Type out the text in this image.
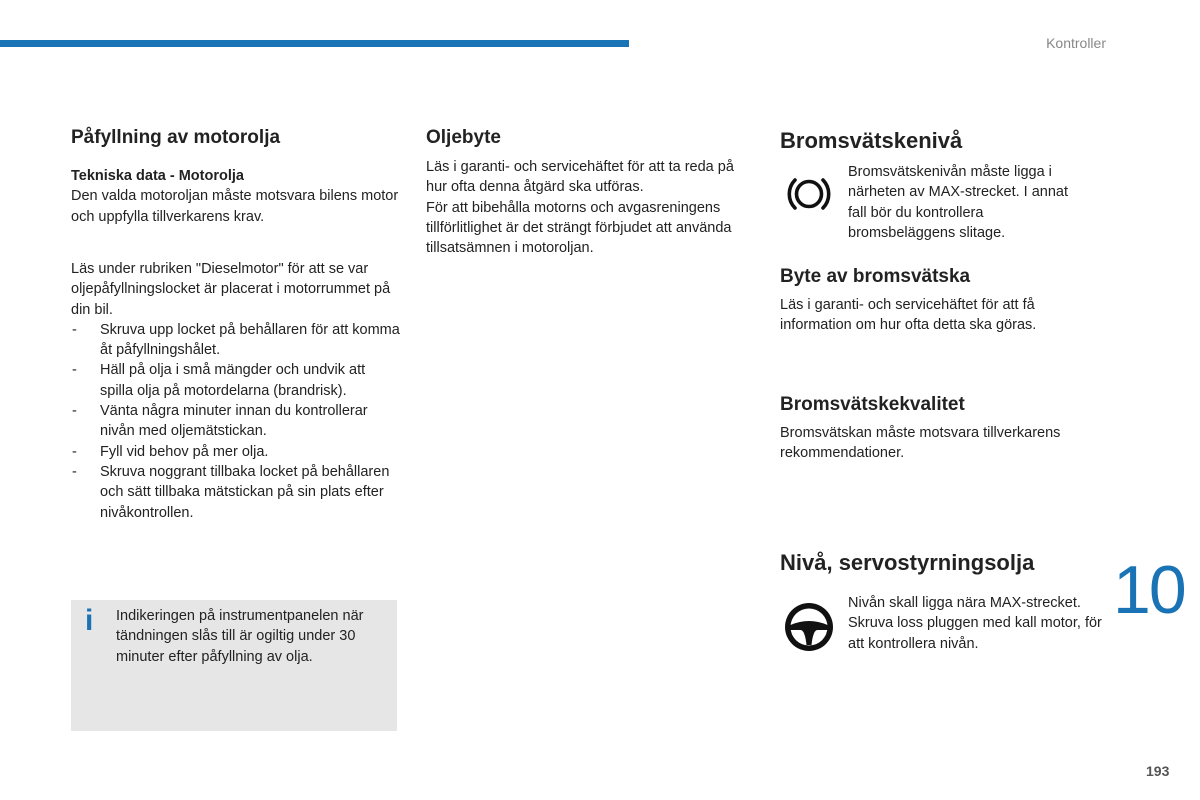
Kontroller
10
193
Påfyllning av motorolja

Tekniska data - Motorolja

Den valda motoroljan måste motsvara bilens motor och uppfylla tillverkarens krav.

Läs under rubriken "Dieselmotor" för att se var oljepåfyllningslocket är placerat i motorrummet på din bil.

- Skruva upp locket på behållaren för att komma åt påfyllningshålet.
- Häll på olja i små mängder och undvik att spilla olja på motordelarna (brandrisk).
- Vänta några minuter innan du kontrollerar nivån med oljemätstickan.
- Fyll vid behov på mer olja.
- Skruva noggrant tillbaka locket på behållaren och sätt tillbaka mätstickan på sin plats efter nivåkontrollen.
i Indikeringen på instrumentpanelen när tändningen slås till är ogiltig under 30 minuter efter påfyllning av olja.
Oljebyte

Läs i garanti- och servicehäftet för att ta reda på hur ofta denna åtgärd ska utföras.

För att bibehålla motorns och avgasreningens tillförlitlighet är det strängt förbjudet att använda tillsatsämnen i motoroljan.

Bromsvätskenivå
Bromsvätskenivån måste ligga i närheten av MAX-strecket. I annat fall bör du kontrollera bromsbeläggens slitage.
Byte av bromsvätska
Läs i garanti- och servicehäftet för att få information om hur ofta detta ska göras.
Bromsvätskekvalitet
Bromsvätskan måste motsvara tillverkarens rekommendationer.
Nivå, servostyrningsolja
Nivån skall ligga nära MAX-strecket. Skruva loss pluggen med kall motor, för att kontrollera nivån.
